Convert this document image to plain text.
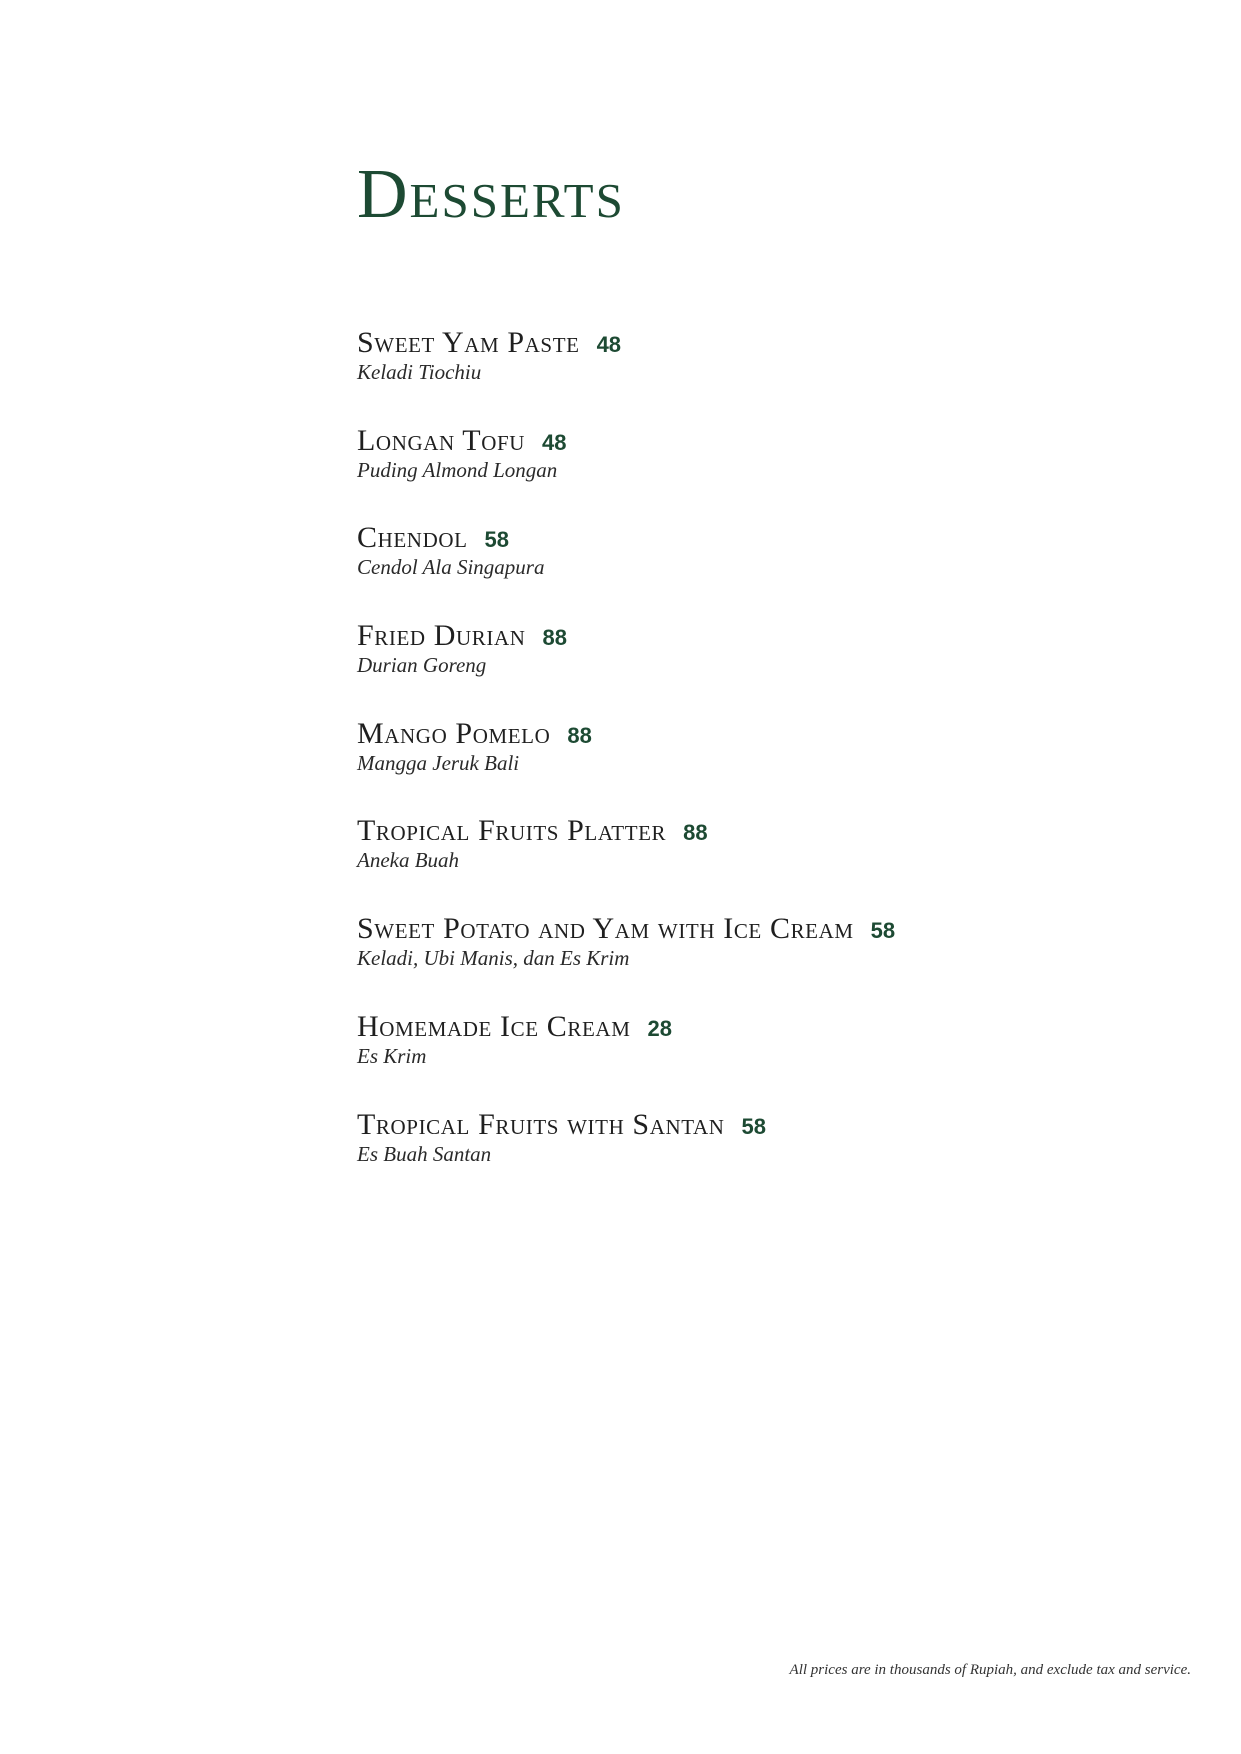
Desserts
Sweet Yam Paste 48
Keladi Tiochiu
Longan Tofu 48
Puding Almond Longan
Chendol 58
Cendol Ala Singapura
Fried Durian 88
Durian Goreng
Mango Pomelo 88
Mangga Jeruk Bali
Tropical Fruits Platter 88
Aneka Buah
Sweet Potato and Yam with Ice Cream 58
Keladi, Ubi Manis, dan Es Krim
Homemade Ice Cream 28
Es Krim
Tropical Fruits with Santan 58
Es Buah Santan

All prices are in thousands of Rupiah, and exclude tax and service.
